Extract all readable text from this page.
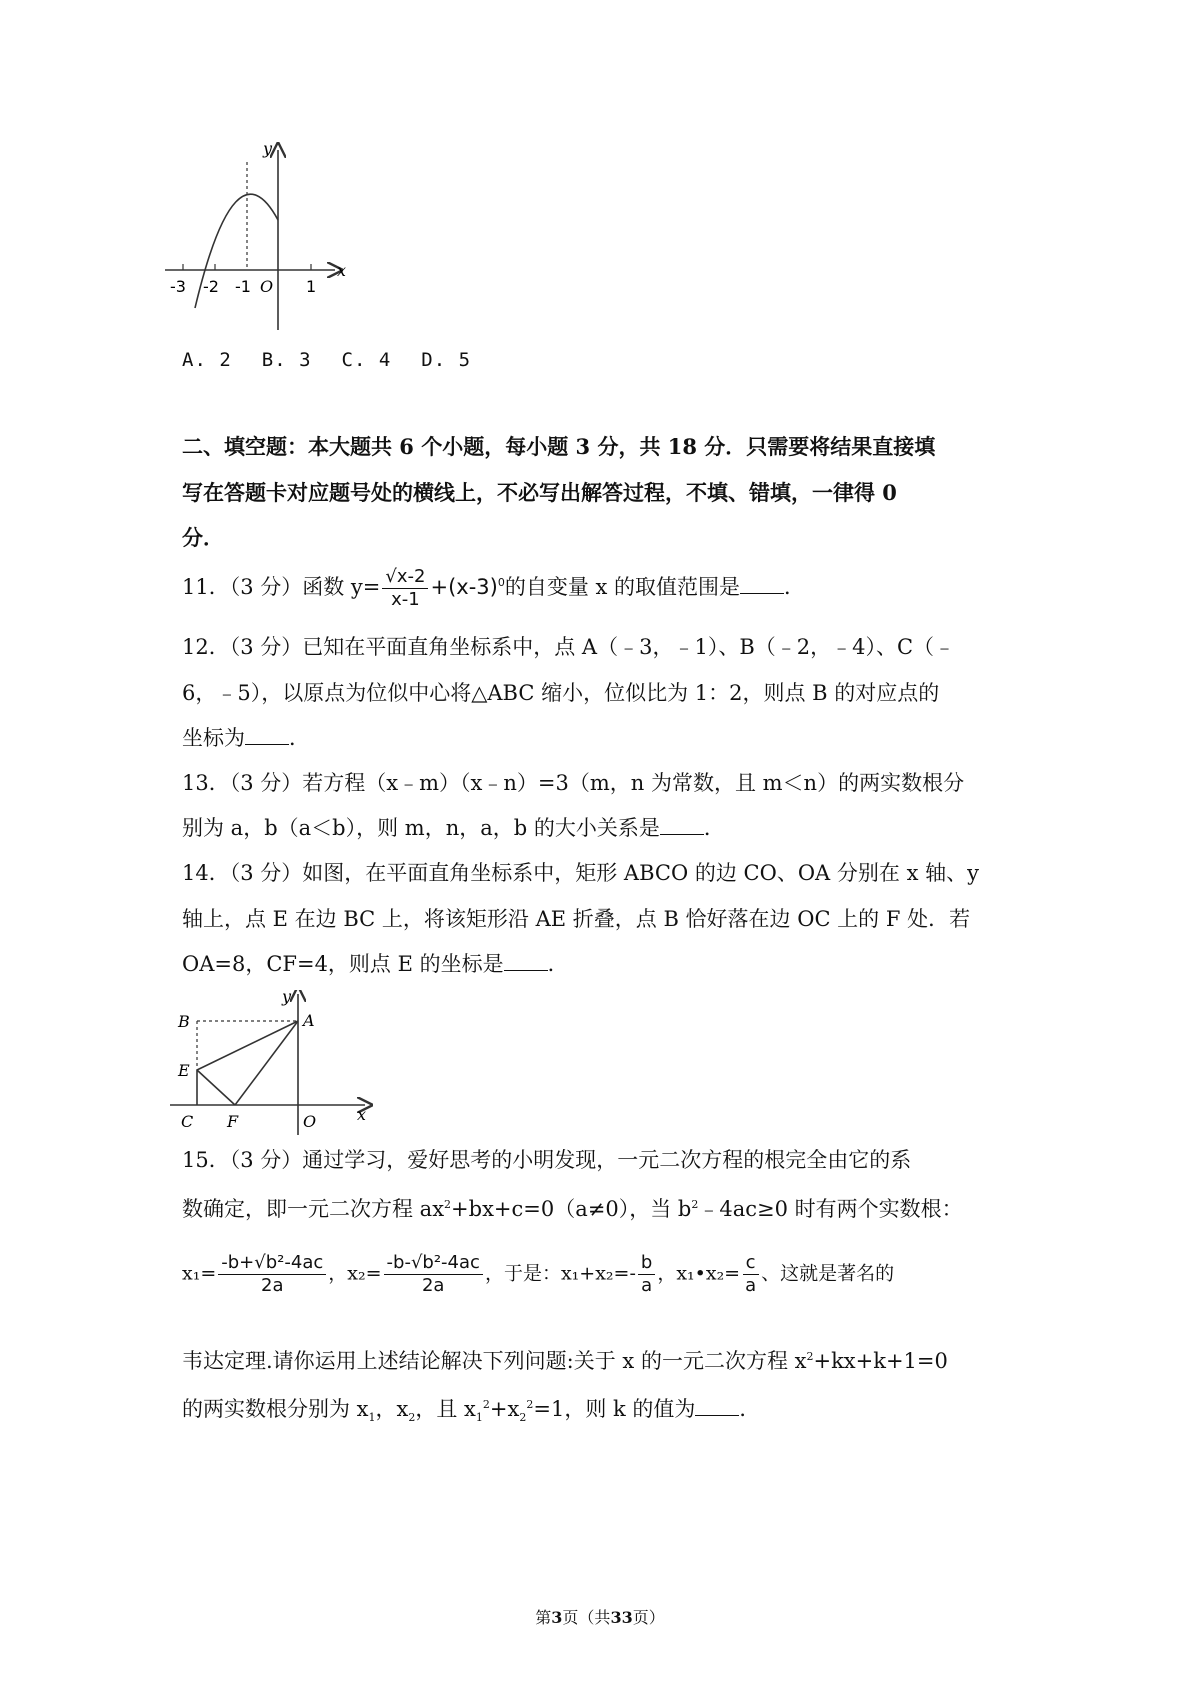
x
y
O
-3 -2 -1	1
A. 2 B. 3 C. 4 D. 5
二、填空题：本大题共 6 个小题，每小题 3 分，共 18 分．只需要将结果直接填
写在答题卡对应题号处的横线上，不必写出解答过程，不填、错填，一律得 0
分．
11．（3 分）函数 $y= \frac{√x-2}{x-1} +(x-3)^0$的自变量 x 的取值范围是 ．
12．（3 分）已知在平面直角坐标系中，点 A（﹣3，﹣1）、B（﹣2，﹣4）、C（﹣
6，﹣5），以原点为位似中心将△ABC 缩小，位似比为 1：2，则点 B 的对应点的
坐标为 ．
13．（3 分）若方程（x﹣m）（x﹣n）=3（m，n 为常数，且 m＜n）的两实数根分
别为 a，b（a＜b），则 m，n，a，b 的大小关系是 ．
14．（3 分）如图，在平面直角坐标系中，矩形 ABCO 的边 CO、OA 分别在 x 轴、y
轴上，点 E 在边 BC 上，将该矩形沿 AE 折叠，点 B 恰好落在边 OC 上的 F 处．若
OA=8，CF=4，则点 E 的坐标是 ．
B	A
E
C F	O	x
y
15．（3 分）通过学习，爱好思考的小明发现，一元二次方程的根完全由它的系
数确定，即一元二次方程 $ax^2+bx+c=0(a\ne 0)$，当 $b^2﹣4ac\ge 0$ 时有两个实数根：
$x_1= \frac{\text{-b+√b²-4ac}}{2a}$ ，$x_2= \frac{\text{-b-√b²-4ac}}{2a}$ ，于是：$x_1+x_2=- \frac{b}{a}$ ，x₁•x₂= $\frac{c}{a}$ 、这就是著名的
韦达定理.请你运用上述结论解决下列问题:关于 x 的一元二次方程 $x^2+kx+k+1=0$
的两实数根分别为 $x_1$，$x_2$，且 $x_1^2+x_2^2=1$，则 k 的值为 ．
第3页（共33页）
